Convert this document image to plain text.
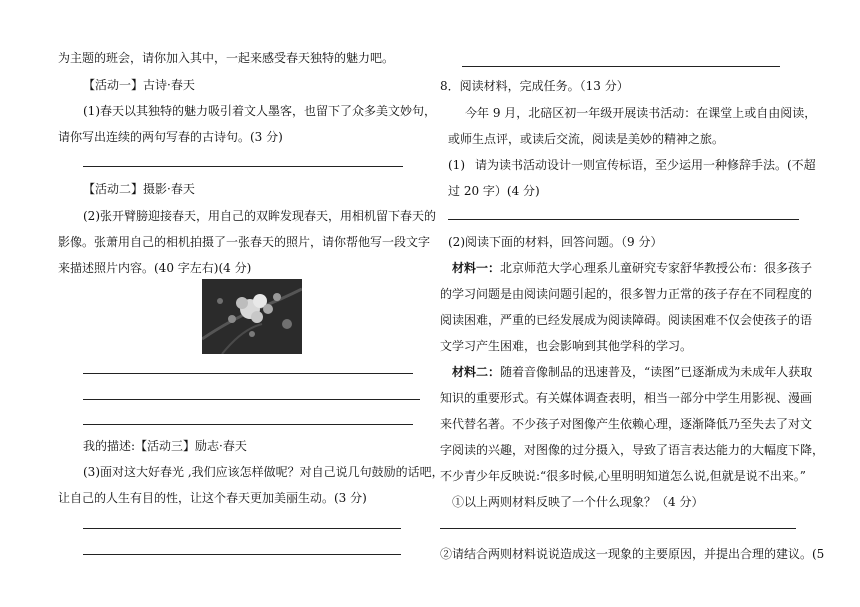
为主题的班会，请你加入其中，一起来感受春天独特的魅力吧。
【活动一】古诗·春天
(1)春天以其独特的魅力吸引着文人墨客，也留下了众多美文妙句，
请你写出连续的两句写春的古诗句。(3 分)
【活动二】摄影·春天
(2)张开臂膀迎接春天，用自己的双眸发现春天，用相机留下春天的
影像。张萧用自己的相机拍摄了一张春天的照片，请你帮他写一段文字
来描述照片内容。(40 字左右)(4 分)
我的描述:【活动三】励志·春天
(3)面对这大好春光 ,我们应该怎样做呢？对自己说几句鼓励的话吧，
让自己的人生有目的性，让这个春天更加美丽生动。(3 分)
8．阅读材料，完成任务。（13 分）
今年 9 月，北碚区初一年级开展读书活动：在课堂上或自由阅读，
或师生点评，或读后交流，阅读是美妙的精神之旅。
(1) 请为读书活动设计一则宣传标语，至少运用一种修辞手法。(不超
过 20 字）(4 分)
(2)阅读下面的材料，回答问题。（9 分）
材料一：北京师范大学心理系儿童研究专家舒华教授公布：很多孩子
的学习问题是由阅读问题引起的，很多智力正常的孩子存在不同程度的
阅读困难，严重的已经发展成为阅读障碍。阅读困难不仅会使孩子的语
文学习产生困难，也会影响到其他学科的学习。
材料二：随着音像制品的迅速普及，“读图”已逐渐成为未成年人获取
知识的重要形式。有关媒体调查表明，相当一部分中学生用影视、漫画
来代替名著。不少孩子对图像产生依赖心理，逐渐降低乃至失去了对文
字阅读的兴趣，对图像的过分摄入，导致了语言表达能力的大幅度下降，
不少青少年反映说:“很多时候,心里明明知道怎么说,但就是说不出来。”
①以上两则材料反映了一个什么现象？（4 分）
②请结合两则材料说说造成这一现象的主要原因，并提出合理的建议。(5
